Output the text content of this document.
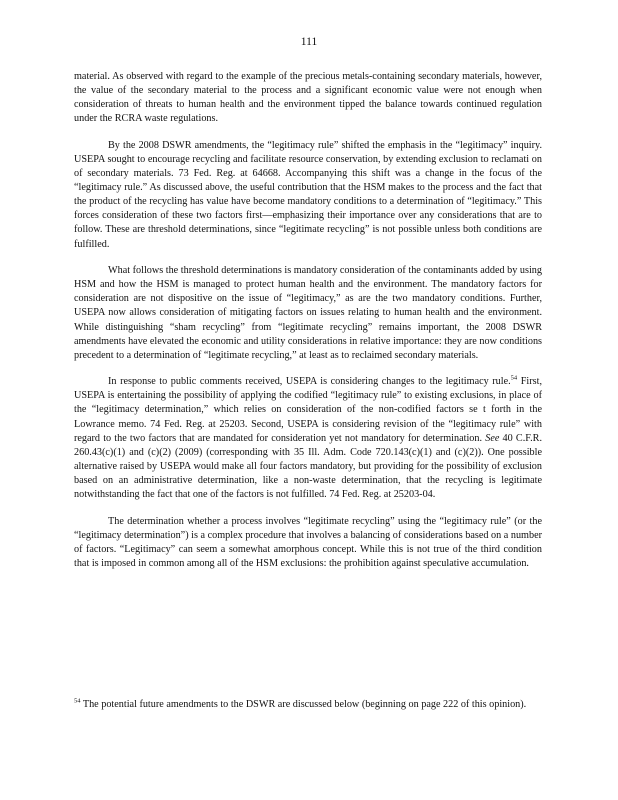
111

material. As observed with regard to the example of the precious metals-containing secondary materials, however, the value of the secondary material to the process and a significant economic value were not enough when consideration of threats to human health and the environment tipped the balance towards continued regulation under the RCRA waste regulations.

By the 2008 DSWR amendments, the “legitimacy rule” shifted the emphasis in the “legitimacy” inquiry. USEPA sought to encourage recycling and facilitate resource conservation, by extending exclusion to reclamati on of secondary materials. 73 Fed. Reg. at 64668. Accompanying this shift was a change in the focus of the “legitimacy rule.” As discussed above, the useful contribution that the HSM makes to the process and the fact that the product of the recycling has value have become mandatory conditions to a determination of “legitimacy.” This forces consideration of these two factors first—emphasizing their importance over any considerations that are to follow. These are threshold determinations, since “legitimate recycling” is not possible unless both conditions are fulfilled.

What follows the threshold determinations is mandatory consideration of the contaminants added by using HSM and how the HSM is managed to protect human health and the environment. The mandatory factors for consideration are not dispositive on the issue of “legitimacy,” as are the two mandatory conditions. Further, USEPA now allows consideration of mitigating factors on issues relating to human health and the environment. While distinguishing “sham recycling” from “legitimate recycling” remains important, the 2008 DSWR amendments have elevated the economic and utility considerations in relative importance: they are now conditions precedent to a determination of “legitimate recycling,” at least as to reclaimed secondary materials.

In response to public comments received, USEPA is considering changes to the legitimacy rule.$^{54}$ First, USEPA is entertaining the possibility of applying the codified “legitimacy rule” to existing exclusions, in place of the “legitimacy determination,” which relies on consideration of the non-codified factors se t forth in the Lowrance memo. 74 Fed. Reg. at 25203. Second, USEPA is considering revision of the “legitimacy rule” with regard to the two factors that are mandated for consideration yet not mandatory for determination. See 40 C.F.R. 260.43(c)(1) and (c)(2) (2009) (corresponding with 35 Ill. Adm. Code 720.143(c)(1) and (c)(2)). One possible alternative raised by USEPA would make all four factors mandatory, but providing for the possibility of exclusion based on an administrative determination, like a non-waste determination, that the recycling is legitimate notwithstanding the fact that one of the factors is not fulfilled. 74 Fed. Reg. at 25203-04.

The determination whether a process involves “legitimate recycling” using the “legitimacy rule” (or the “legitimacy determination”) is a complex procedure that involves a balancing of considerations based on a number of factors. “Legitimacy” can seem a somewhat amorphous concept. While this is not true of the third condition that is imposed in common among all of the HSM exclusions: the prohibition against speculative accumulation.

$^{54}$ The potential future amendments to the DSWR are discussed below (beginning on page 222 of this opinion).
